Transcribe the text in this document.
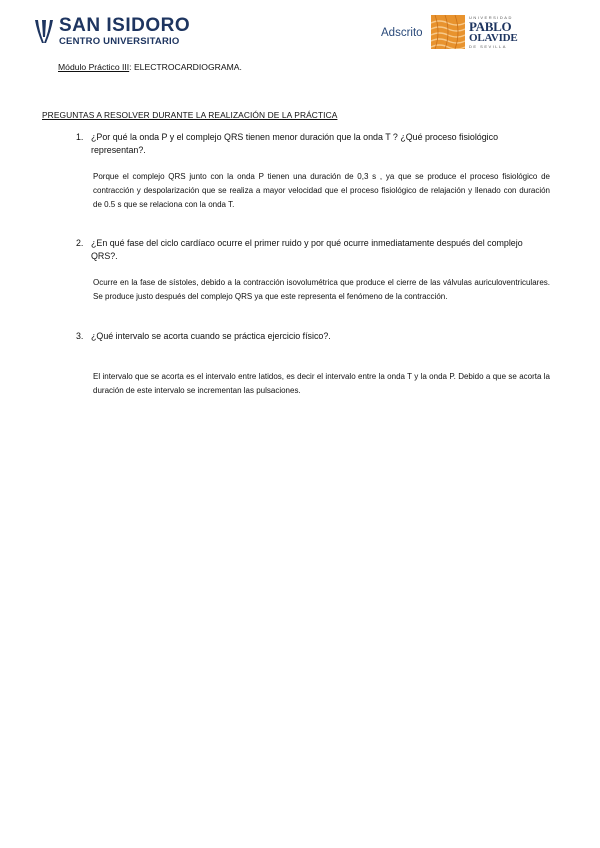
SAN ISIDORO
CENTRO UNIVERSITARIO
Adscrito
UNIVERSIDAD
PABLO
OLAVIDE
DE SEVILLA
Módulo Práctico III: ELECTROCARDIOGRAMA.
PREGUNTAS A RESOLVER DURANTE LA REALIZACIÓN DE LA PRÁCTICA
1. ¿Por qué la onda P y el complejo QRS tienen menor duración que la onda T ? ¿Qué proceso fisiológico representan?.
Porque el complejo QRS junto con la onda P tienen una duración de 0,3 s , ya que se produce el proceso fisiológico de contracción y despolarización que se realiza a mayor velocidad que el proceso fisiológico de relajación y llenado con duración de 0.5 s que se relaciona con la onda T.
2. ¿En qué fase del ciclo cardíaco ocurre el primer ruido y por qué ocurre inmediatamente después del complejo QRS?.
Ocurre en la fase de sístoles, debido a la contracción isovolumétrica que produce el cierre de las válvulas auriculoventriculares. Se produce justo después del complejo QRS ya que este representa el fenómeno de la contracción.
3. ¿Qué intervalo se acorta cuando se práctica ejercicio físico?.
El intervalo que se acorta es el intervalo entre latidos, es decir el intervalo entre la onda T y la onda P. Debido a que se acorta la duración de este intervalo se incrementan las pulsaciones.
